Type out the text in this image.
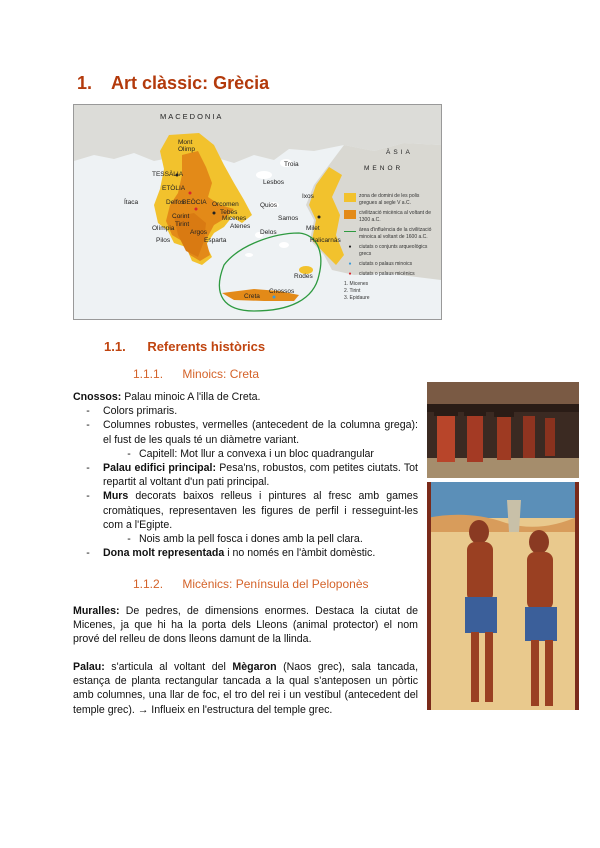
1. Art clàssic: Grècia
MACEDONIA
ÀSIA
MENOR
Mont Olimp
TESSÀLIA
ETÒLIA
BEÒCIA
Delfos	Orcomen
Tebes
Lesbos
Troia
Ixos
Quios
Samos
Milet
Halicarnàs
Delos
Atenes
Corint	Micenes
Tirint
Argos
Esparta
Pilos
Olímpia
Ítaca
Rodes
Creta
Cnossos
zona de domini de les polis gregues al segle V a.C.
civilització micènica al voltant de 1300 a.C.
àrea d'influència de la civilització minoica al voltant de 1600 a.C.
●	ciutats o conjunts arqueològics grecs
●	ciutats o palaus minoics
●	ciutats o palaus micènics
1. Micenes
2. Tirint
3. Epidaure
1.1. Referents històrics
1.1.1. Minoics: Creta
Cnossos: Palau minoic A l'illa de Creta.
-	Colors primaris.
-	Columnes robustes, vermelles (antecedent de la columna grega): el fust de les quals té un diàmetre variant.
- Capitell: Mot llur a convexa i un bloc quadrangular
-	Palau edifici principal: Pesa'ns, robustos, com petites ciutats. Tot repartit al voltant d'un pati principal.
-	Murs decorats baixos relleus i pintures al fresc amb games cromàtiques, representaven les figures de perfil i resseguint-les com a l'Egipte.
- Nois amb la pell fosca i dones amb la pell clara.
-	Dona molt representada i no només en l'àmbit domèstic.
1.1.2. Micènics: Península del Peloponès
Muralles: De pedres, de dimensions enormes. Destaca la ciutat de Micenes, ja que hi ha la porta dels Lleons (animal protector) el nom prové del relleu de dons lleons damunt de la llinda.
Palau: s'articula al voltant del Mègaron (Naos grec), sala tancada, estança de planta rectangular tancada a la qual s'anteposen un pòrtic amb columnes, una llar de foc, el tro del rei i un vestíbul (antecedent del temple grec). → Influeix en l'estructura del temple grec.
